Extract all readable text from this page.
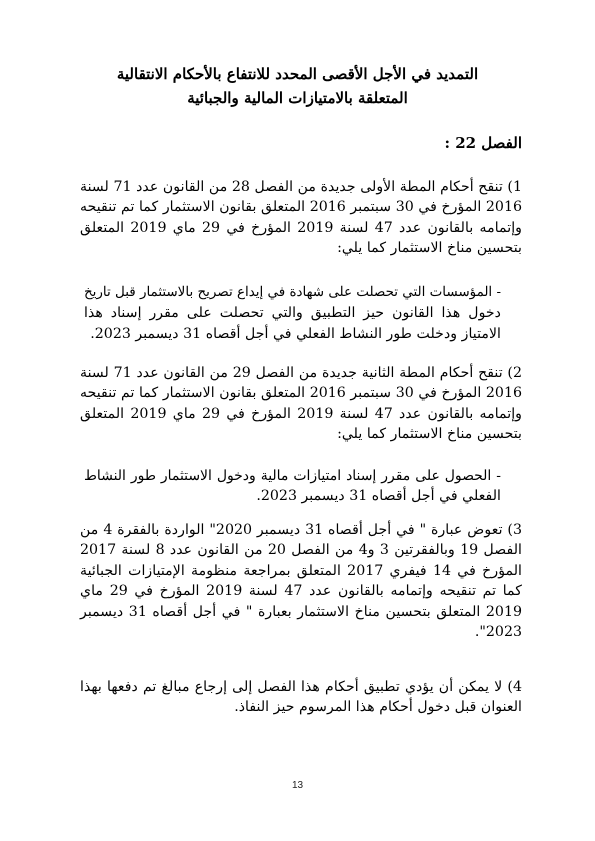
التمديد في الأجل الأقصى المحدد للانتفاع بالأحكام الانتقالية
المتعلقة بالامتيازات المالية والجبائية
الفصل 22 :
1) تنقح أحكام المطة الأولى جديدة من الفصل 28 من القانون عدد 71 لسنة
2016 المؤرخ في 30 سبتمبر 2016 المتعلق بقانون الاستثمار كما تم تنقيحه
وإتمامه بالقانون عدد 47 لسنة 2019 المؤرخ في 29 ماي 2019 المتعلق
بتحسين مناخ الاستثمار كما يلي:
- المؤسسات التي تحصلت على شهادة في إيداع تصريح بالاستثمار قبل تاريخ
دخول هذا القانون حيز التطبيق والتي تحصلت على مقرر إسناد هذا
الامتياز ودخلت طور النشاط الفعلي في أجل أقصاه 31 ديسمبر 2023.
2) تنقح أحكام المطة الثانية جديدة من الفصل 29 من القانون عدد 71 لسنة
2016 المؤرخ في 30 سبتمبر 2016 المتعلق بقانون الاستثمار كما تم تنقيحه
وإتمامه بالقانون عدد 47 لسنة 2019 المؤرخ في 29 ماي 2019 المتعلق
بتحسين مناخ الاستثمار كما يلي:
- الحصول على مقرر إسناد امتيازات مالية ودخول الاستثمار طور النشاط
الفعلي في أجل أقصاه 31 ديسمبر 2023.
3) تعوض عبارة " في أجل أقصاه 31 ديسمبر 2020" الواردة بالفقرة 4 من
الفصل 19 وبالفقرتين 3 و4 من الفصل 20 من القانون عدد 8 لسنة 2017
المؤرخ في 14 فيفري 2017 المتعلق بمراجعة منظومة الإمتيازات الجبائية
كما تم تنقيحه وإتمامه بالقانون عدد 47 لسنة 2019 المؤرخ في 29 ماي
2019 المتعلق بتحسين مناخ الاستثمار بعبارة " في أجل أقصاه 31 ديسمبر
2023".
4) لا يمكن أن يؤدي تطبيق أحكام هذا الفصل إلى إرجاع مبالغ تم دفعها بهذا
العنوان قبل دخول أحكام هذا المرسوم حيز النفاذ.
13
